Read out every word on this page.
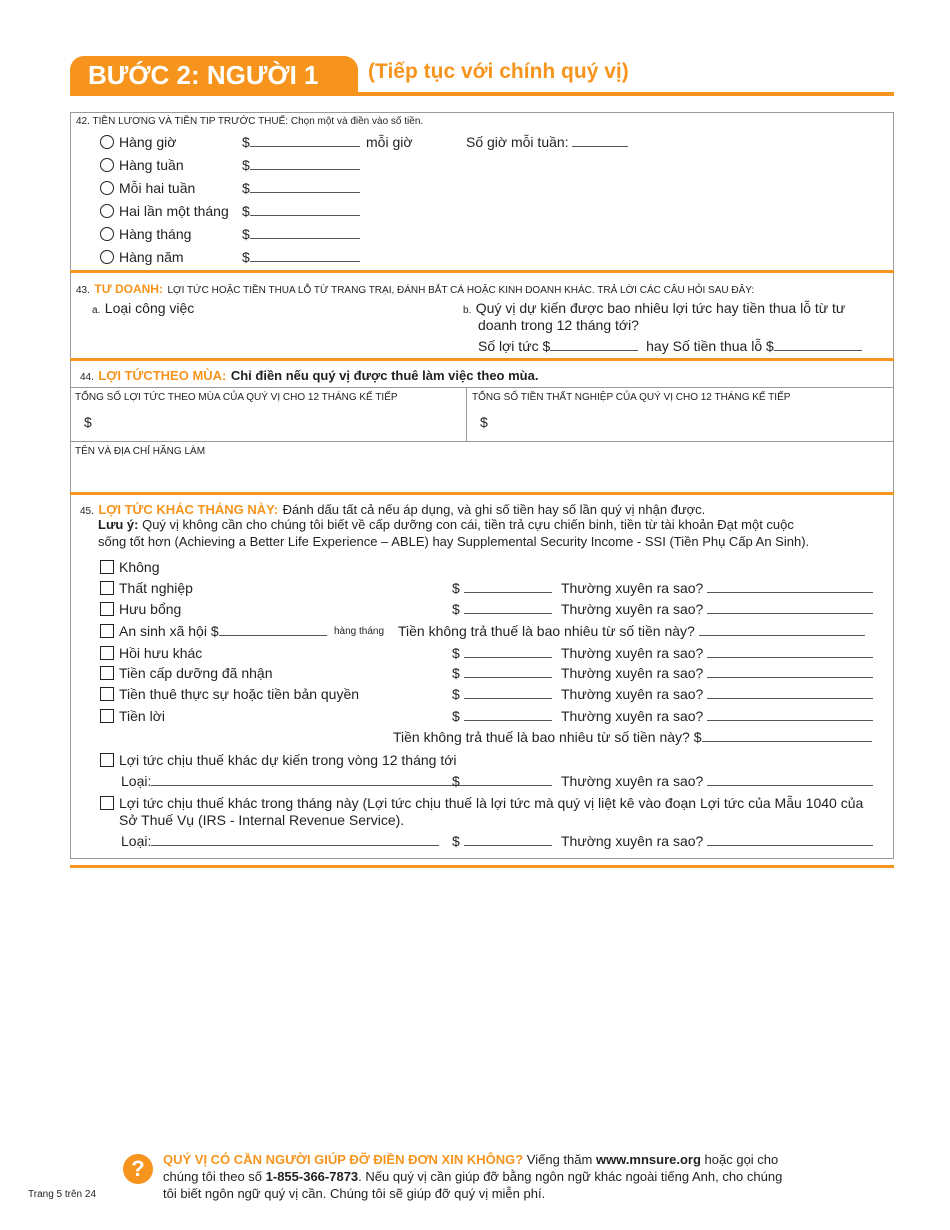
BƯỚC 2: NGƯỜI 1 (Tiếp tục với chính quý vị)
42. TIỀN LƯƠNG VÀ TIỀN TIP TRƯỚC THUẾ: Chọn một và điền vào số tiền.
Hàng giờ	$	mỗi giờ	Số giờ mỗi tuần:
Hàng tuần	$
Mỗi hai tuần	$
Hai lần một tháng $
Hàng tháng	$
Hàng năm	$
43. TƯ DOANH: LỢI TỨC HOẶC TIỀN THUA LỖ TỪ TRANG TRẠI, ĐÁNH BẮT CÁ HOẶC KINH DOANH KHÁC. TRẢ LỜI CÁC CÂU HỎI SAU ĐÂY:
a. Loại công việc	b. Quý vị dự kiến được bao nhiêu lợi tức hay tiền thua lỗ từ tư
doanh trong 12 tháng tới?
Số lợi tức $	hay Số tiền thua lỗ $
44. LỢI TỨCTHEO MÙA: Chỉ điền nếu quý vị được thuê làm việc theo mùa.
TỔNG SỐ LỢI TỨC THEO MÙA CỦA QUÝ VỊ CHO 12 THÁNG KẾ TIẾP	TỔNG SỐ TIỀN THẤT NGHIỆP CỦA QUÝ VỊ CHO 12 THÁNG KẾ TIẾP
$	$
TÊN VÀ ĐỊA CHỈ HÃNG LÀM
45. LỢI TỨC KHÁC THÁNG NÀY: Đánh dấu tất cả nếu áp dụng, và ghi số tiền hay số lần quý vị nhận được.
Lưu ý: Quý vị không cần cho chúng tôi biết về cấp dưỡng con cái, tiền trả cựu chiến binh, tiền từ tài khoản Đạt một cuộc
sống tốt hơn (Achieving a Better Life Experience – ABLE) hay Supplemental Security Income - SSI (Tiền Phụ Cấp An Sinh).
Không
Thất nghiệp	$	Thường xuyên ra sao?
Hưu bổng	$	Thường xuyên ra sao?
An sinh xã hội $	hàng tháng Tiền không trả thuế là bao nhiêu từ số tiền này?
Hồi hưu khác	$	Thường xuyên ra sao?
Tiền cấp dưỡng đã nhận	$	Thường xuyên ra sao?
Tiền thuê thực sự hoặc tiền bản quyền	$	Thường xuyên ra sao?
Tiền lời	$	Thường xuyên ra sao?
Tiền không trả thuế là bao nhiêu từ số tiền này? $
Lợi tức chịu thuế khác dự kiến trong vòng 12 tháng tới
Loại:	$	Thường xuyên ra sao?
Lợi tức chịu thuế khác trong tháng này (Lợi tức chịu thuế là lợi tức mà quý vị liệt kê vào đoạn Lợi tức của Mẫu 1040 của
Sở Thuế Vụ (IRS - Internal Revenue Service).
Loại:	$	Thường xuyên ra sao?
?	QUÝ VỊ CÓ CẦN NGƯỜI GIÚP ĐỠ ĐIỀN ĐƠN XIN KHÔNG? Viếng thăm www.mnsure.org hoặc gọi cho
chúng tôi theo số 1-855-366-7873. Nếu quý vị cần giúp đỡ bằng ngôn ngữ khác ngoài tiếng Anh, cho chúng
tôi biết ngôn ngữ quý vị cần. Chúng tôi sẽ giúp đỡ quý vị miễn phí.
Trang 5 trên 24
